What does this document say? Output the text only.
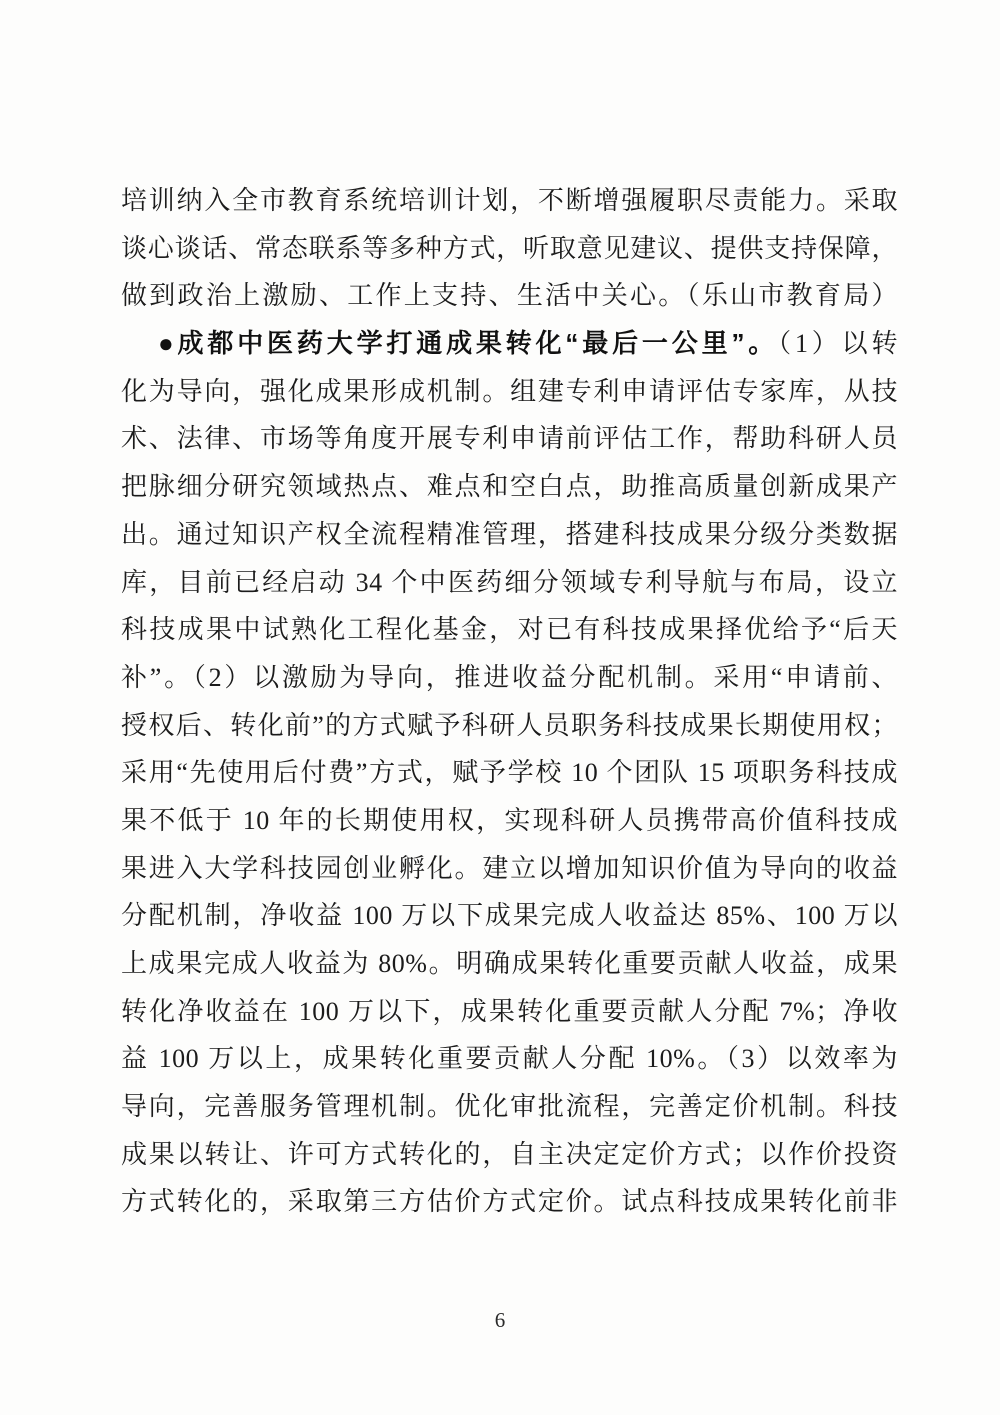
培训纳入全市教育系统培训计划，不断增强履职尽责能力。采取
谈心谈话、常态联系等多种方式，听取意见建议、提供支持保障，
做到政治上激励、工作上支持、生活中关心。（乐山市教育局）
●成都中医药大学打通成果转化“最后一公里”。（1）以转
化为导向，强化成果形成机制。组建专利申请评估专家库，从技
术、法律、市场等角度开展专利申请前评估工作，帮助科研人员
把脉细分研究领域热点、难点和空白点，助推高质量创新成果产
出。通过知识产权全流程精准管理，搭建科技成果分级分类数据
库，目前已经启动 34 个中医药细分领域专利导航与布局，设立
科技成果中试熟化工程化基金，对已有科技成果择优给予“后天
补”。（2）以激励为导向，推进收益分配机制。采用“申请前、
授权后、转化前”的方式赋予科研人员职务科技成果长期使用权；
采用“先使用后付费”方式，赋予学校 10 个团队 15 项职务科技成
果不低于 10 年的长期使用权，实现科研人员携带高价值科技成
果进入大学科技园创业孵化。建立以增加知识价值为导向的收益
分配机制，净收益 100 万以下成果完成人收益达 85%、100 万以
上成果完成人收益为 80%。明确成果转化重要贡献人收益，成果
转化净收益在 100 万以下，成果转化重要贡献人分配 7%；净收
益 100 万以上，成果转化重要贡献人分配 10%。（3）以效率为
导向，完善服务管理机制。优化审批流程，完善定价机制。科技
成果以转让、许可方式转化的，自主决定定价方式；以作价投资
方式转化的，采取第三方估价方式定价。试点科技成果转化前非
6
